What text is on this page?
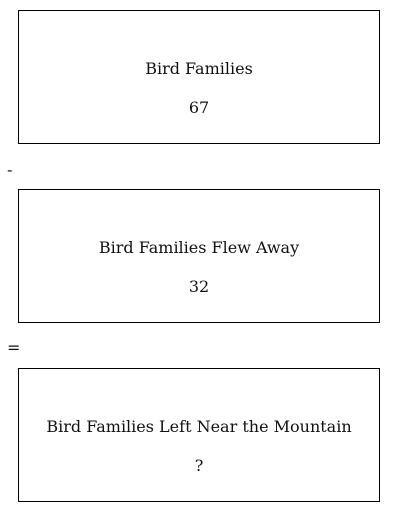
Bird Families
67
-
Bird Families Flew Away
32
=
Bird Families Left Near the Mountain
?
